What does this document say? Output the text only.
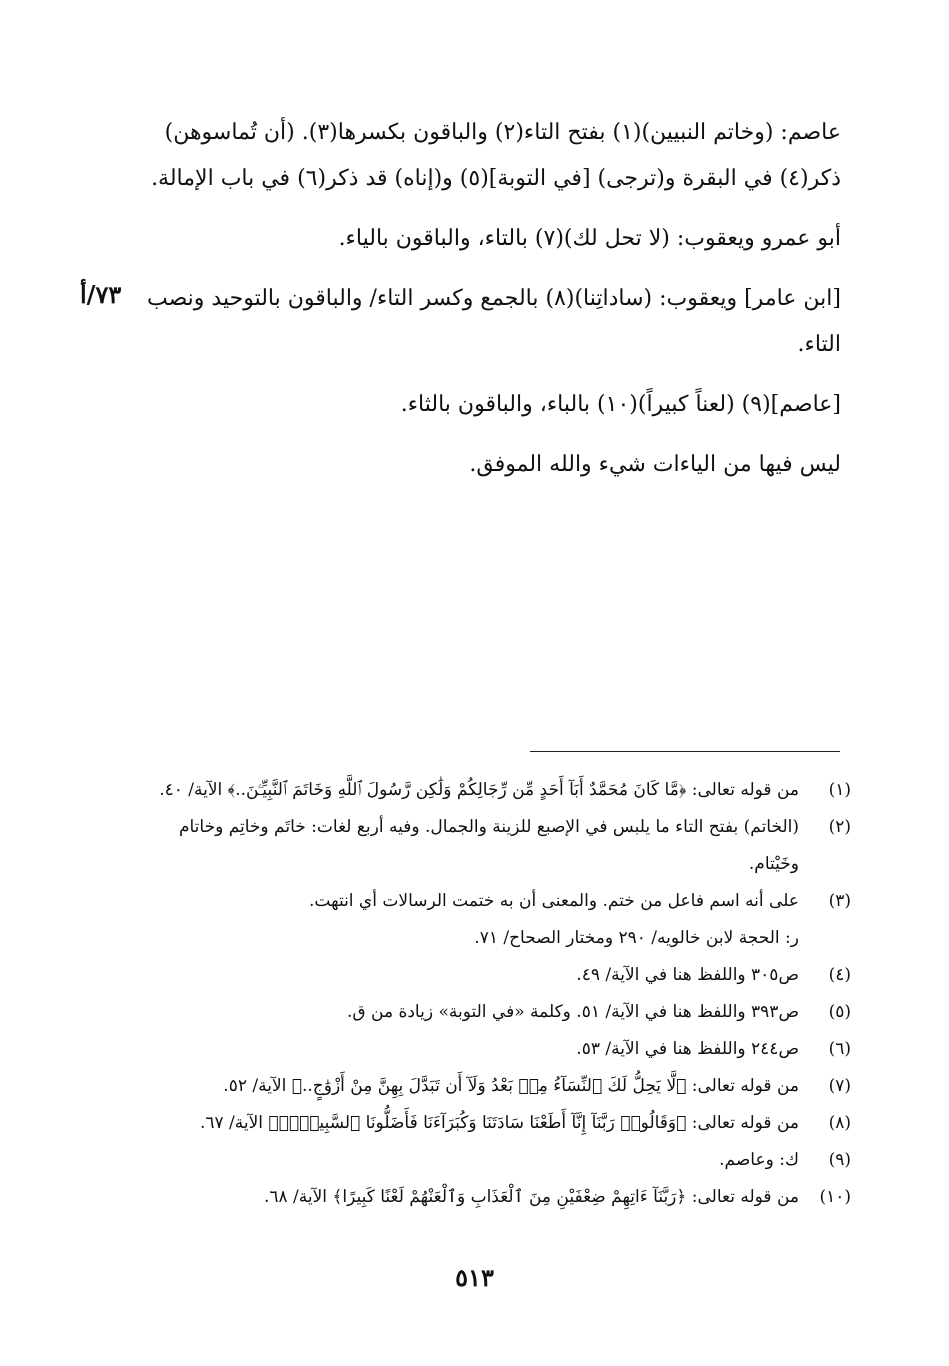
عاصم: (وخاتم النبيين)(١) بفتح التاء(٢) والباقون بكسرها(٣). (أن تُماسوهن)
ذكر(٤) في البقرة و(ترجى) [في التوبة](٥) و(إناه) قد ذكر(٦) في باب الإمالة.
أبو عمرو ويعقوب: (لا تحل لك)(٧) بالتاء، والباقون بالياء.
[ابن عامر] ويعقوب: (ساداتِنا)(٨) بالجمع وكسر التاء/ والباقون بالتوحيد ونصب
التاء.
[عاصم](٩) (لعناً كبيراً)(١٠) بالباء، والباقون بالثاء.
ليس فيها من الياءات شيء والله الموفق.
٧٣/أ
(١)
من قوله تعالى: ﴿مَّا كَانَ مُحَمَّدٌ أَبَآ أَحَدٍ مِّن رِّجَالِكُمْ وَلَٰكِن رَّسُولَ ٱللَّهِ وَخَاتَمَ ٱلنَّبِيِّـۧنَ..﴾ الآية/ ٤٠.
(٢)
(الخاتم) بفتح التاء ما يلبس في الإصبع للزينة والجمال. وفيه أربع لغات: خاتَم وخاتِم وخاتام
وخَيْتام.
(٣)
على أنه اسم فاعل من ختم. والمعنى أن به ختمت الرسالات أي انتهت.
ر: الحجة لابن خالويه/ ٢٩٠ ومختار الصحاح/ ٧١.
(٤)
ص٣٠٥ واللفظ هنا في الآية/ ٤٩.
(٥)
ص٣٩٣ واللفظ هنا في الآية/ ٥١. وكلمة «في التوبة» زيادة من ق.
(٦)
ص٢٤٤ واللفظ هنا في الآية/ ٥٣.
(٧)
من قوله تعالى: ﴿لَّا يَحِلُّ لَكَ ٱلنِّسَآءُ مِنۢ بَعْدُ وَلَآ أَن تَبَدَّلَ بِهِنَّ مِنْ أَزْوَٰجٍ..﴾ الآية/ ٥٢.
(٨)
من قوله تعالى: ﴿وَقَالُوا۟ رَبَّنَآ إِنَّآ أَطَعْنَا سَادَتَنَا وَكُبَرَآءَنَا فَأَضَلُّونَا ٱلسَّبِيلَا۠﴾ الآية/ ٦٧.
(٩)
ك: وعاصم.
(١٠)
من قوله تعالى: ﴿رَبَّنَآ ءَاتِهِمْ ضِعْفَيْنِ مِنَ ٱلْعَذَابِ وَٱلْعَنْهُمْ لَعْنًا كَبِيرًا﴾ الآية/ ٦٨.
٥١٣
